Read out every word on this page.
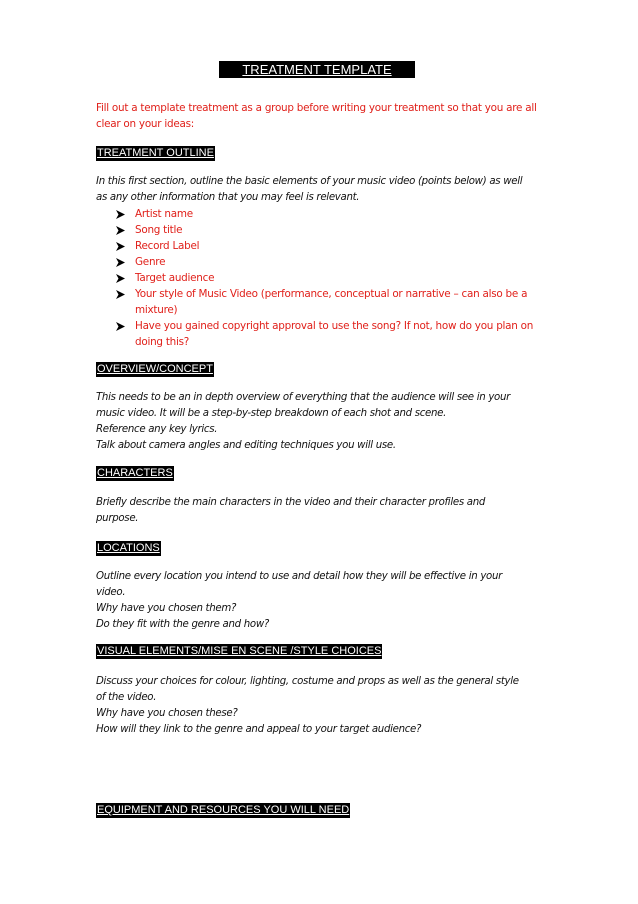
TREATMENT TEMPLATE
Fill out a template treatment as a group before writing your treatment so that you are all clear on your ideas:
TREATMENT OUTLINE
In this first section, outline the basic elements of your music video (points below) as well
as any other information that you may feel is relevant.
Artist name
Song title
Record Label
Genre
Target audience
Your style of Music Video (performance, conceptual or narrative – can also be a mixture)
Have you gained copyright approval to use the song? If not, how do you plan on doing this?
OVERVIEW/CONCEPT
This needs to be an in depth overview of everything that the audience will see in your
music video. It will be a step-by-step breakdown of each shot and scene.
Reference any key lyrics.
Talk about camera angles and editing techniques you will use.
CHARACTERS
Briefly describe the main characters in the video and their character profiles and
purpose.
LOCATIONS
Outline every location you intend to use and detail how they will be effective in your
video.
Why have you chosen them?
Do they fit with the genre and how?
VISUAL ELEMENTS/MISE EN SCENE /STYLE CHOICES
Discuss your choices for colour, lighting, costume and props as well as the general style
of the video.
Why have you chosen these?
How will they link to the genre and appeal to your target audience?
EQUIPMENT AND RESOURCES YOU WILL NEED
